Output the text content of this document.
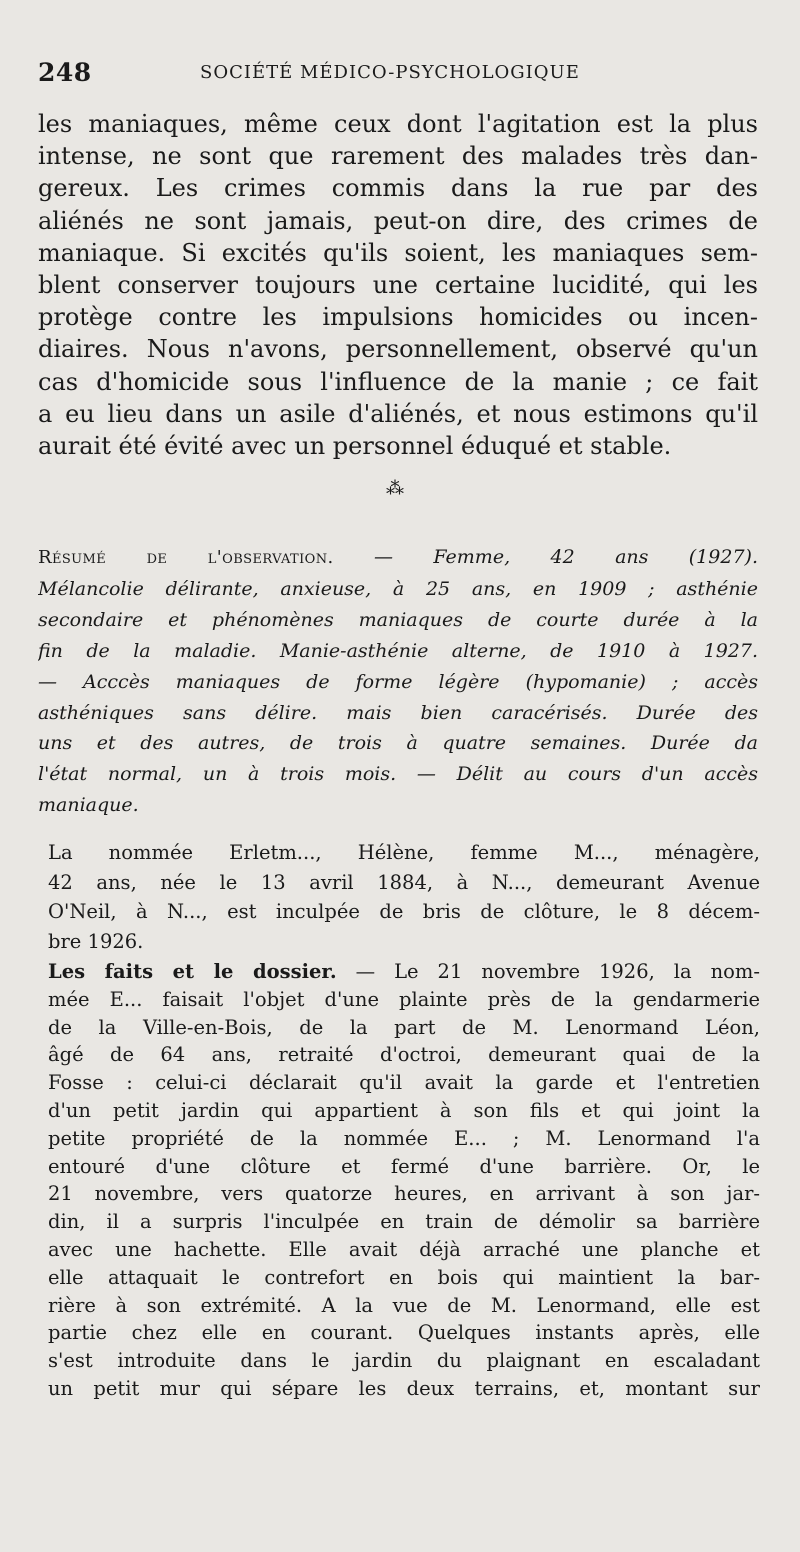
248	SOCIÉTÉ MÉDICO-PSYCHOLOGIQUE
les maniaques, même ceux dont l'agitation est la plus
intense, ne sont que rarement des malades très dan-
gereux. Les crimes commis dans la rue par des
aliénés ne sont jamais, peut-on dire, des crimes de
maniaque. Si excités qu'ils soient, les maniaques sem-
blent conserver toujours une certaine lucidité, qui les
protège contre les impulsions homicides ou incen-
diaires. Nous n'avons, personnellement, observé qu'un
cas d'homicide sous l'influence de la manie ; ce fait
a eu lieu dans un asile d'aliénés, et nous estimons qu'il
aurait été évité avec un personnel éduqué et stable.
⁂
Résumé de l'observation. — Femme, 42 ans (1927).
Mélancolie délirante, anxieuse, à 25 ans, en 1909 ; asthénie
secondaire et phénomènes maniaques de courte durée à la
fin de la maladie. Manie-asthénie alterne, de 1910 à 1927.
— Acccès maniaques de forme légère (hypomanie) ; accès
asthéniques sans délire. mais bien caracérisés. Durée des
uns et des autres, de trois à quatre semaines. Durée da
l'état normal, un à trois mois. — Délit au cours d'un accès
maniaque.
La nommée Erletm..., Hélène, femme M..., ménagère,
42 ans, née le 13 avril 1884, à N..., demeurant Avenue
O'Neil, à N..., est inculpée de bris de clôture, le 8 décem-
bre 1926.
Les faits et le dossier. — Le 21 novembre 1926, la nom-
mée E... faisait l'objet d'une plainte près de la gendarmerie
de la Ville-en-Bois, de la part de M. Lenormand Léon,
âgé de 64 ans, retraité d'octroi, demeurant quai de la
Fosse : celui-ci déclarait qu'il avait la garde et l'entretien
d'un petit jardin qui appartient à son fils et qui joint la
petite propriété de la nommée E... ; M. Lenormand l'a
entouré d'une clôture et fermé d'une barrière. Or, le
21 novembre, vers quatorze heures, en arrivant à son jar-
din, il a surpris l'inculpée en train de démolir sa barrière
avec une hachette. Elle avait déjà arraché une planche et
elle attaquait le contrefort en bois qui maintient la bar-
rière à son extrémité. A la vue de M. Lenormand, elle est
partie chez elle en courant. Quelques instants après, elle
s'est introduite dans le jardin du plaignant en escaladant
un petit mur qui sépare les deux terrains, et, montant sur
